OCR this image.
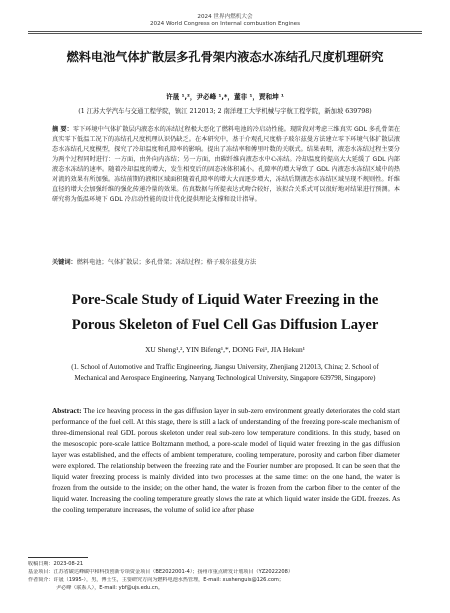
2024 世界内燃机大会
2024 World Congress on Internal combustion Engines
燃料电池气体扩散层多孔骨架内液态水冻结孔尺度机理研究
许晟 ¹,²，尹必峰 ¹,*，董非 ¹，贾和坤 ¹
(1 江苏大学汽车与交通工程学院，镇江 212013; 2 南洋理工大学机械与宇航工程学院，新加坡 639798)

摘 要：零下环境中气体扩散层内液态水的冻结过程极大恶化了燃料电池的冷启动性能。现阶段对考虑三维真实 GDL 多孔骨架在真实零下低温工况下的冻结孔尺度机理认识仍缺乏。在本研究中，基于介观孔尺度格子玻尔兹曼方法建立零下环境气体扩散层液态水冻结孔尺度模型，探究了冷却温度和孔隙率的影响。提出了冻结率和傅里叶数的关联式。结果表明，液态水冻结过程主要分为两个过程同时进行：一方面，由外向内冻结；另一方面，由碳纤维向液态水中心冻结。冷却温度的提高大大延缓了 GDL 内部液态水冻结的速率。随着冷却温度的增大，发生相变后的固态冰体积减小。孔隙率的增大导致了 GDL 内液态水冻结区域中的热对流的效果有所加强。冻结前期的液相区域面积随着孔隙率的增大大而逐步增大，冻结后期液态水冻结区域呈现不规则性。纤维直径的增大会加强纤维的强化传递冷量的效果。仿真数据与所提表达式吻合较好，该拟合关系式可以很好地对结果进行预测。本研究将为低温环境下 GDL 冷启动性能的设计优化提供理论支撑和设计指导。

关键词：燃料电池；气体扩散层；多孔骨架；冻结过程；格子玻尔兹曼方法

Pore-Scale Study of Liquid Water Freezing in the
Porous Skeleton of Fuel Cell Gas Diffusion Layer
XU Sheng¹,², YIN Bifeng¹,*, DONG Fei¹, JIA Hekun¹

(1. School of Automotive and Traffic Engineering, Jiangsu University, Zhenjiang 212013, China; 2. School of Mechanical and Aerospace Engineering, Nanyang Technological University, Singapore 639798, Singapore)

Abstract: The ice heaving process in the gas diffusion layer in sub-zero environment greatly deteriorates the cold start performance of the fuel cell. At this stage, there is still a lack of understanding of the freezing pore-scale mechanism of three-dimensional real GDL porous skeleton under real sub-zero low temperature conditions. In this study, based on the mesoscopic pore-scale lattice Boltzmann method, a pore-scale model of liquid water freezing in the gas diffusion layer was established, and the effects of ambient temperature, cooling temperature, porosity and carbon fiber diameter were explored. The relationship between the freezing rate and the Fourier number are proposed. It can be seen that the liquid water freezing process is mainly divided into two processes at the same time: on the one hand, the water is frozen from the outside to the inside; on the other hand, the water is frozen from the carbon fiber to the center of the liquid water. Increasing the cooling temperature greatly slows the rate at which liquid water inside the GDL freezes. As the cooling temperature increases, the volume of solid ice after phase

收稿日期：2023-08-21
基金项目：江苏省碳达峰碳中和科技创新专项资金项目（BE2022001-4）；扬州市重点研发计划项目（YZ2022208）
作者简介：许晟（1995-），男，博士生，主要研究方向为燃料电池水热管理，E-mail: xushenguis@126.com；
尹必峰（联系人），E-mail: ybf@ujs.edu.cn。
